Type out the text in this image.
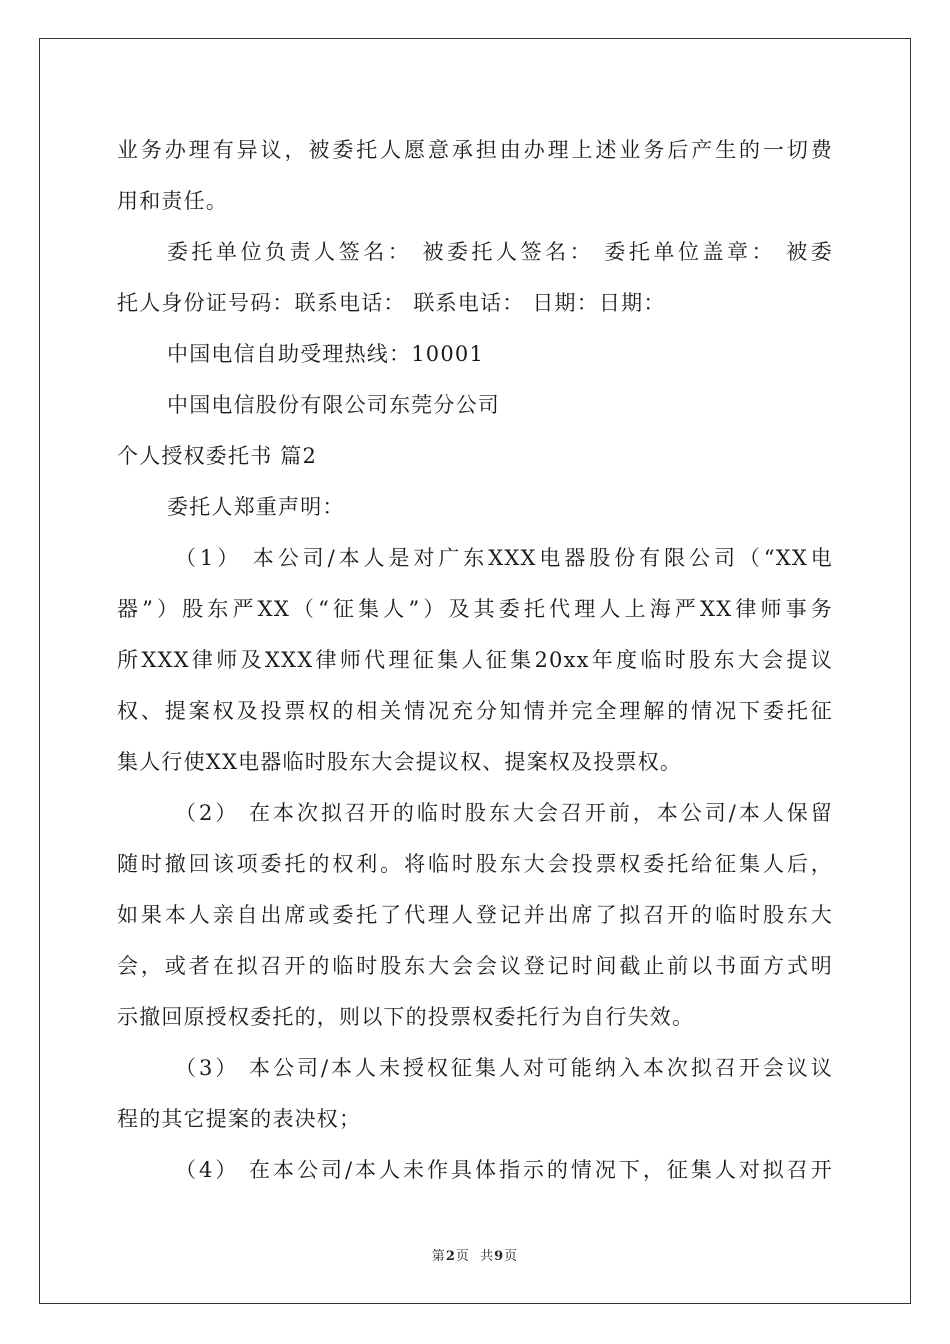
业务办理有异议，被委托人愿意承担由办理上述业务后产生的一切费
用和责任。
委托单位负责人签名： 被委托人签名： 委托单位盖章： 被委
托人身份证号码：联系电话： 联系电话： 日期：日期：
中国电信自助受理热线：10001
中国电信股份有限公司东莞分公司
个人授权委托书 篇2
委托人郑重声明：
（1） 本公司/本人是对广东XXX电器股份有限公司（“XX电
器”）股东严XX（“征集人”）及其委托代理人上海严XX律师事务
所XXX律师及XXX律师代理征集人征集20xx年度临时股东大会提议
权、提案权及投票权的相关情况充分知情并完全理解的情况下委托征
集人行使XX电器临时股东大会提议权、提案权及投票权。
（2） 在本次拟召开的临时股东大会召开前，本公司/本人保留
随时撤回该项委托的权利。将临时股东大会投票权委托给征集人后，
如果本人亲自出席或委托了代理人登记并出席了拟召开的临时股东大
会，或者在拟召开的临时股东大会会议登记时间截止前以书面方式明
示撤回原授权委托的，则以下的投票权委托行为自行失效。
（3） 本公司/本人未授权征集人对可能纳入本次拟召开会议议
程的其它提案的表决权；
（4） 在本公司/本人未作具体指示的情况下，征集人对拟召开
第2页  共9页
